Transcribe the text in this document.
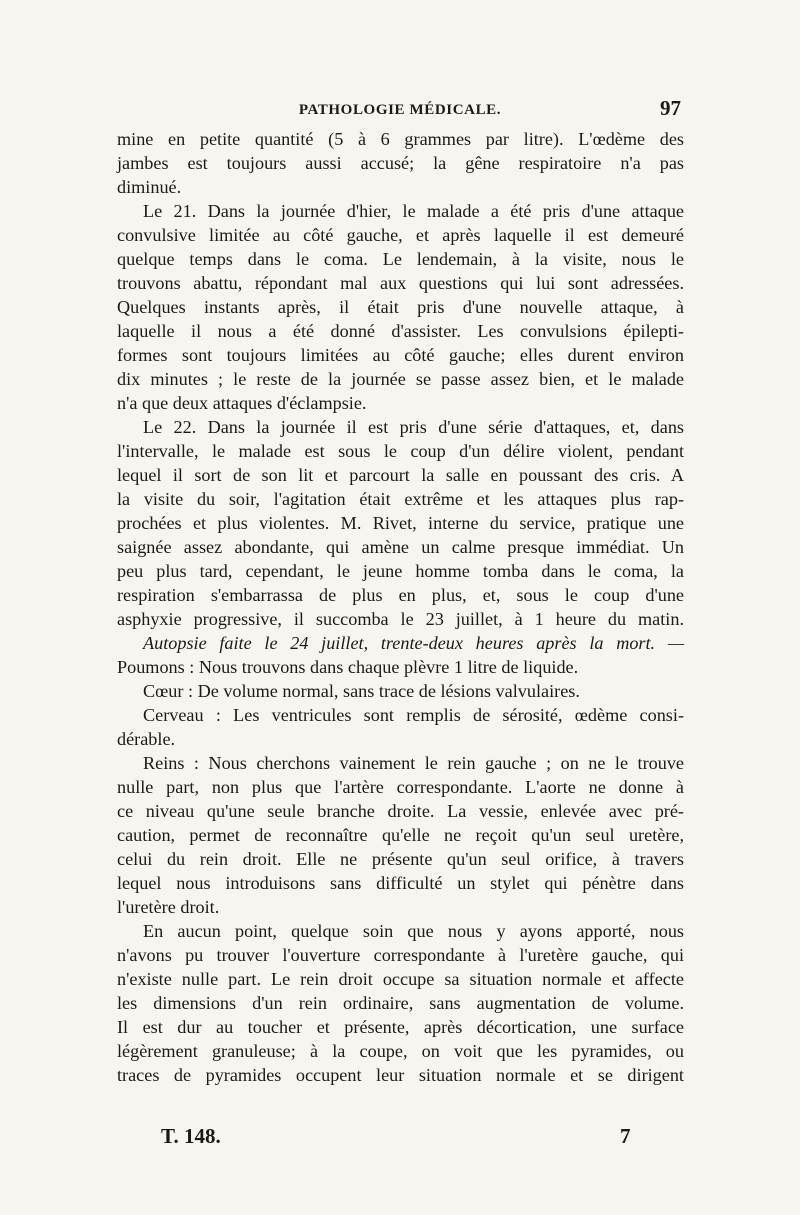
PATHOLOGIE MÉDICALE.	97
mine en petite quantité (5 à 6 grammes par litre). L'œdème des
jambes est toujours aussi accusé; la gêne respiratoire n'a pas
diminué.
Le 21. Dans la journée d'hier, le malade a été pris d'une attaque
convulsive limitée au côté gauche, et après laquelle il est demeuré
quelque temps dans le coma. Le lendemain, à la visite, nous le
trouvons abattu, répondant mal aux questions qui lui sont adressées.
Quelques instants après, il était pris d'une nouvelle attaque, à
laquelle il nous a été donné d'assister. Les convulsions épilepti-
formes sont toujours limitées au côté gauche; elles durent environ
dix minutes ; le reste de la journée se passe assez bien, et le malade
n'a que deux attaques d'éclampsie.
Le 22. Dans la journée il est pris d'une série d'attaques, et, dans
l'intervalle, le malade est sous le coup d'un délire violent, pendant
lequel il sort de son lit et parcourt la salle en poussant des cris. A
la visite du soir, l'agitation était extrême et les attaques plus rap-
prochées et plus violentes. M. Rivet, interne du service, pratique une
saignée assez abondante, qui amène un calme presque immédiat. Un
peu plus tard, cependant, le jeune homme tomba dans le coma, la
respiration s'embarrassa de plus en plus, et, sous le coup d'une
asphyxie progressive, il succomba le 23 juillet, à 1 heure du matin.
Autopsie faite le 24 juillet, trente-deux heures après la mort. —
Poumons : Nous trouvons dans chaque plèvre 1 litre de liquide.
Cœur : De volume normal, sans trace de lésions valvulaires.
Cerveau : Les ventricules sont remplis de sérosité, œdème consi-
dérable.
Reins : Nous cherchons vainement le rein gauche ; on ne le trouve
nulle part, non plus que l'artère correspondante. L'aorte ne donne à
ce niveau qu'une seule branche droite. La vessie, enlevée avec pré-
caution, permet de reconnaître qu'elle ne reçoit qu'un seul uretère,
celui du rein droit. Elle ne présente qu'un seul orifice, à travers
lequel nous introduisons sans difficulté un stylet qui pénètre dans
l'uretère droit.
En aucun point, quelque soin que nous y ayons apporté, nous
n'avons pu trouver l'ouverture correspondante à l'uretère gauche, qui
n'existe nulle part. Le rein droit occupe sa situation normale et affecte
les dimensions d'un rein ordinaire, sans augmentation de volume.
Il est dur au toucher et présente, après décortication, une surface
légèrement granuleuse; à la coupe, on voit que les pyramides, ou
traces de pyramides occupent leur situation normale et se dirigent
T. 148.	7
